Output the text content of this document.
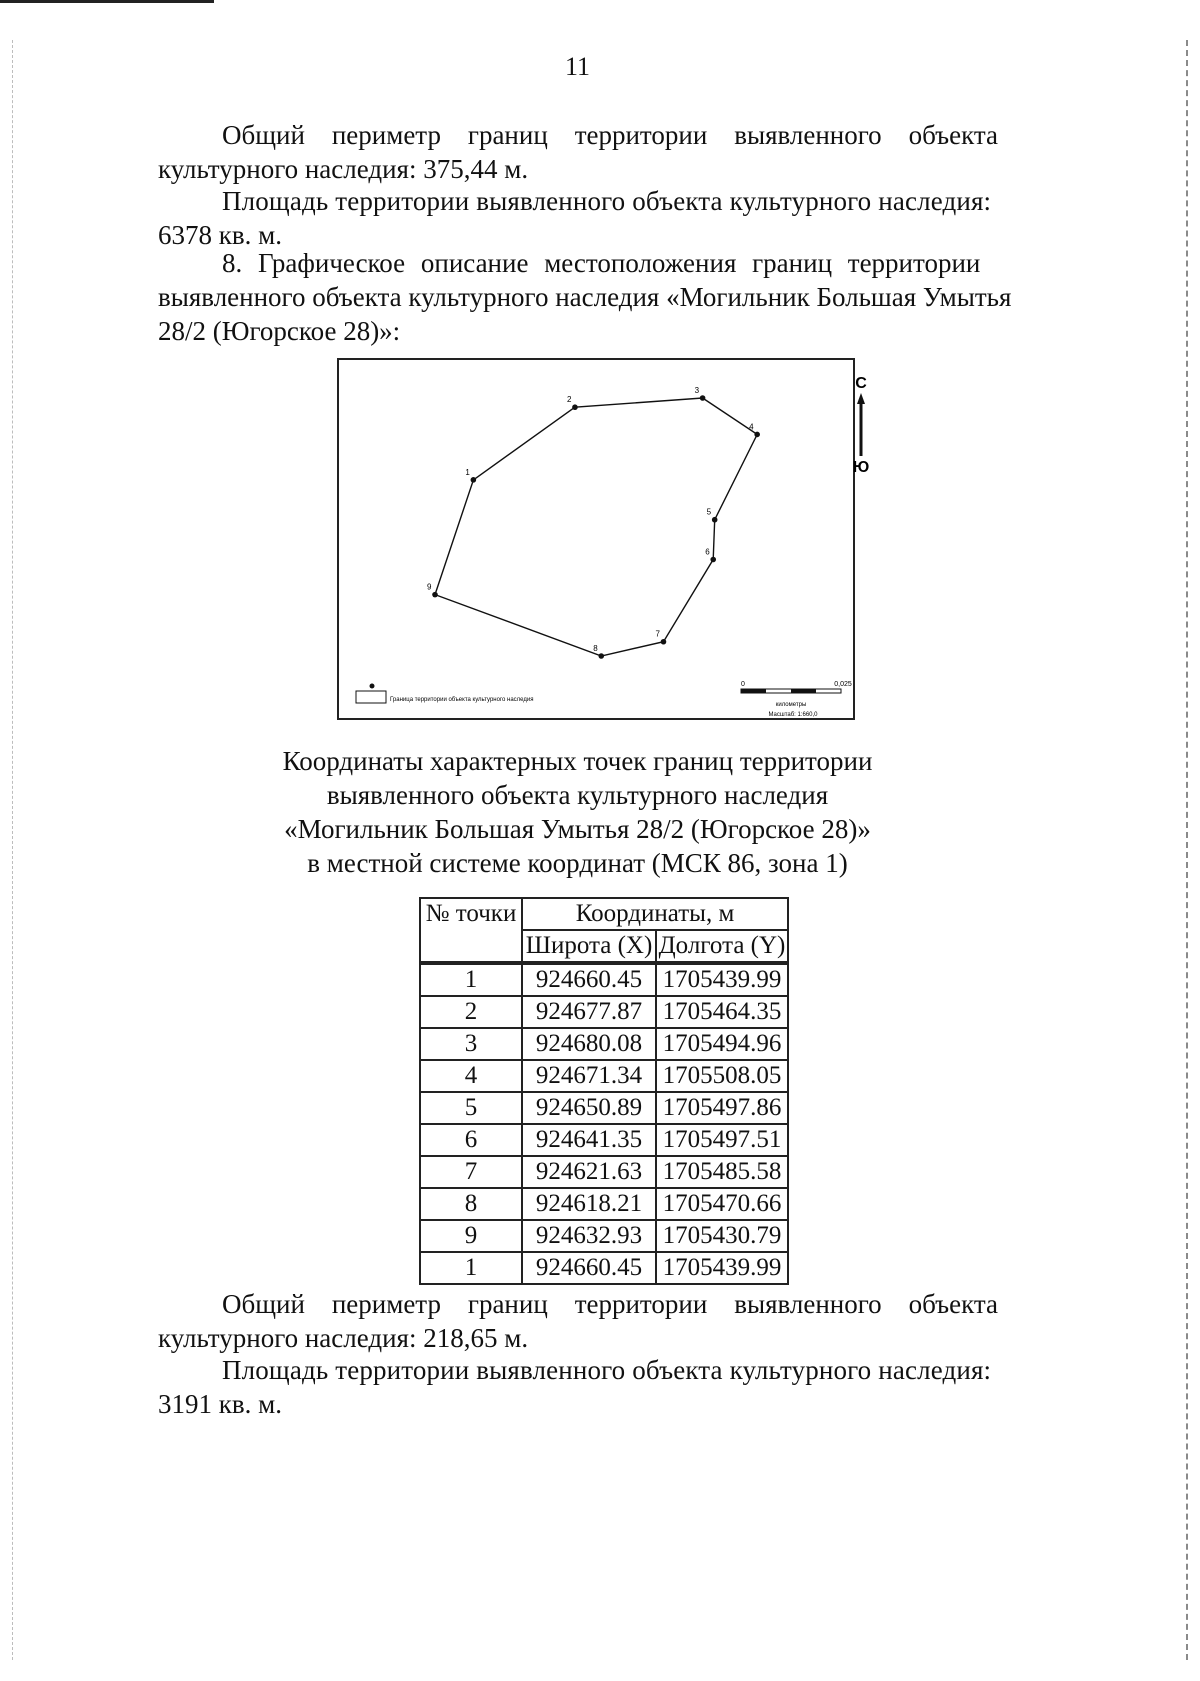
11
Общий периметр границ территории выявленного объекта
культурного наследия: 375,44 м.
Площадь территории выявленного объекта культурного наследия:
6378 кв. м.
8. Графическое описание местоположения границ территории
выявленного объекта культурного наследия «Могильник Большая Умытья
28/2 (Югорское 28)»:
1
2
3
4
5
6
7
8
9
С
Ю
Граница территории объекта культурного наследия
0	0,025
километры
Масштаб: 1:660,0
Координаты характерных точек границ территории
выявленного объекта культурного наследия
«Могильник Большая Умытья 28/2 (Югорское 28)»
в местной системе координат (МСК 86, зона 1)
№ точки	Координаты, м	
	Широта (X)	Долгота (Y)
1	924660.45	1705439.99
2	924677.87	1705464.35
3	924680.08	1705494.96
4	924671.34	1705508.05
5	924650.89	1705497.86
6	924641.35	1705497.51
7	924621.63	1705485.58
8	924618.21	1705470.66
9	924632.93	1705430.79
1	924660.45	1705439.99
Общий периметр границ территории выявленного объекта
культурного наследия: 218,65 м.
Площадь территории выявленного объекта культурного наследия:
3191 кв. м.
